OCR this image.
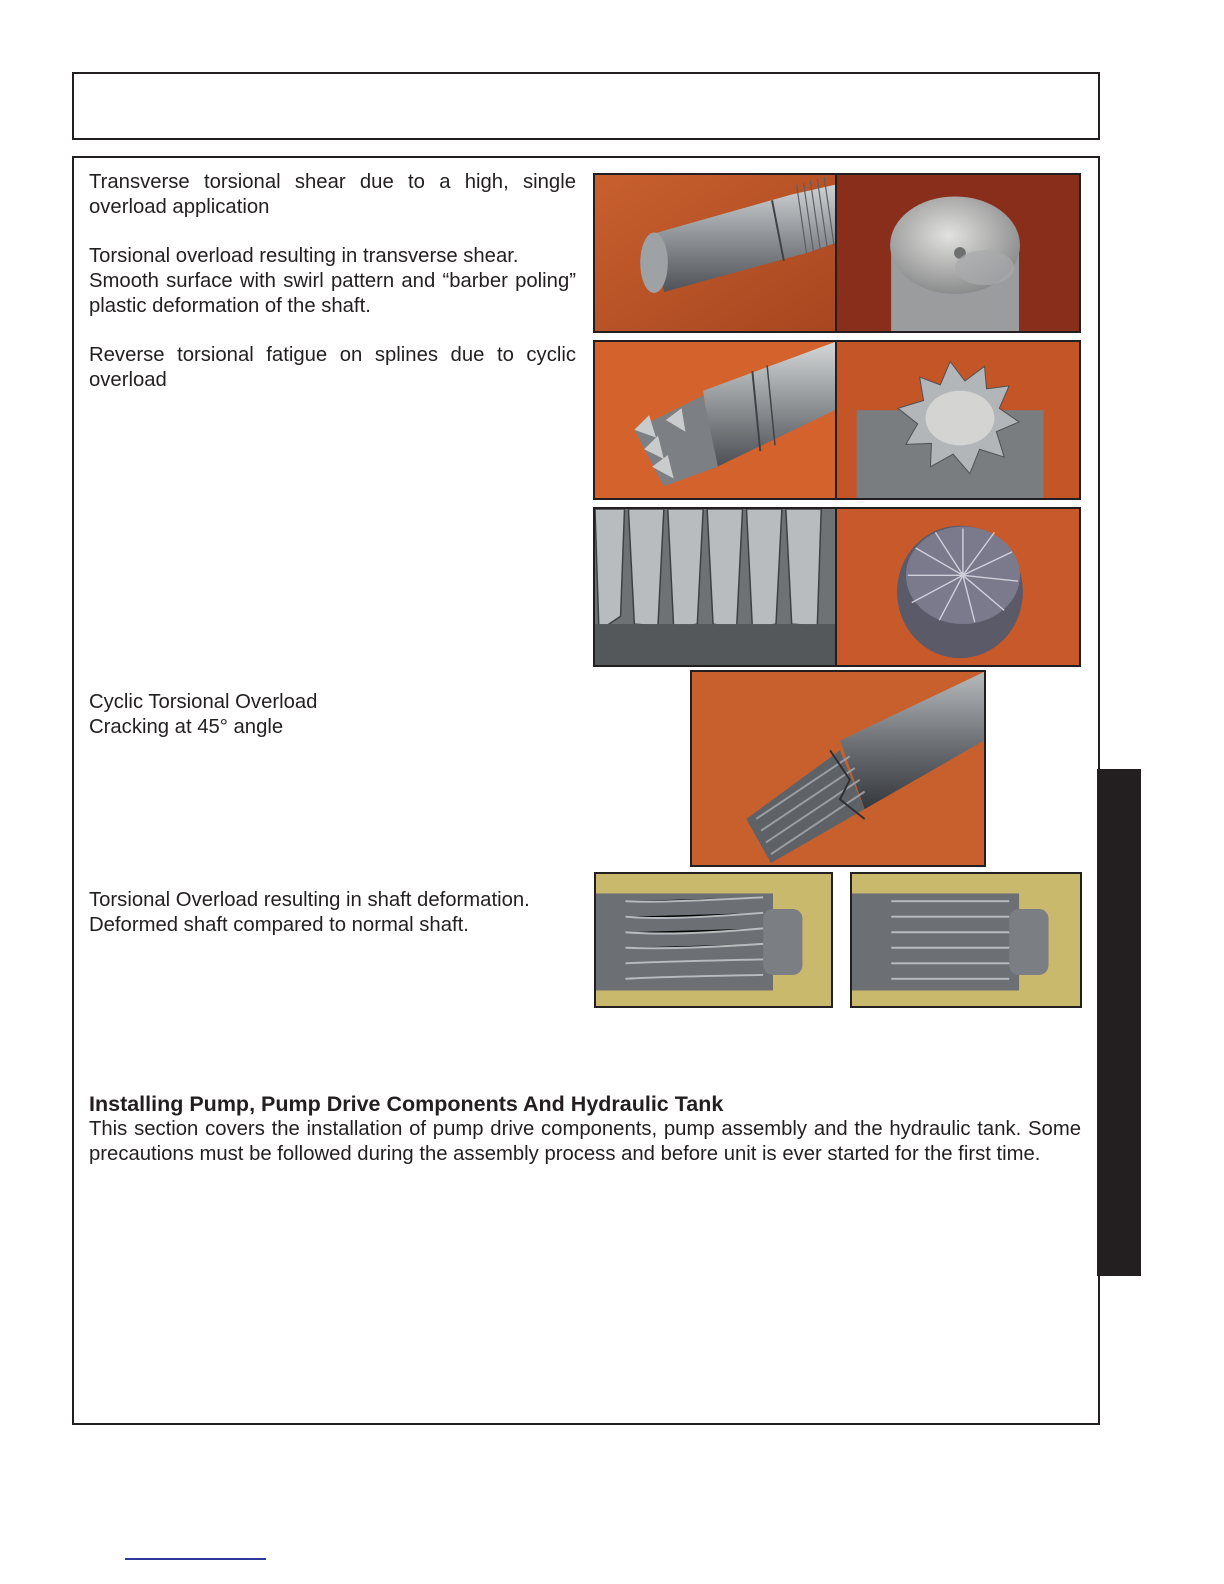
Transverse torsional shear due to a high, single overload application

Torsional overload resulting in transverse shear.

Smooth surface with swirl pattern and “barber poling” plastic deformation of the shaft.

Reverse torsional fatigue on splines due to cyclic overload

Cyclic Torsional Overload

Cracking at 45° angle

Torsional Overload resulting in shaft deformation.

Deformed shaft compared to normal shaft.

Installing Pump, Pump Drive Components And Hydraulic Tank
This section covers the installation of pump drive components, pump assembly and the hydraulic tank. Some precautions must be followed during the assembly process and before unit is ever started for the first time.
